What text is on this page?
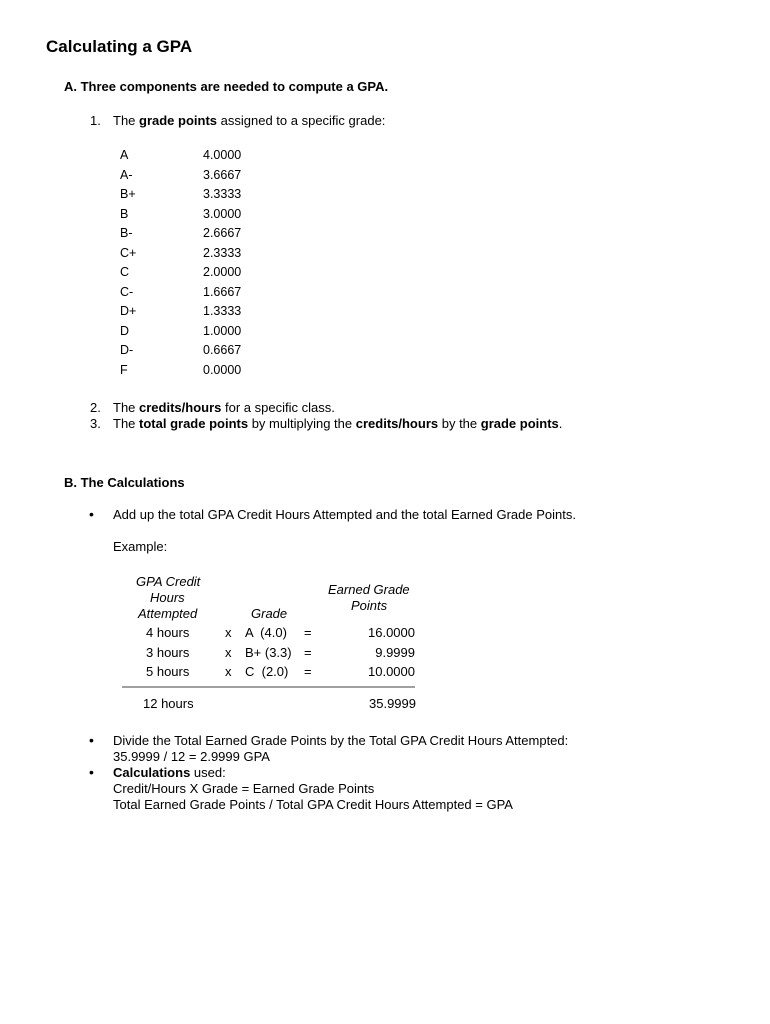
Calculating a GPA
A. Three components are needed to compute a GPA.
1. The grade points assigned to a specific grade:
A	4.0000
A-	3.6667
B+	3.3333
B	3.0000
B-	2.6667
C+	2.3333
C	2.0000
C-	1.6667
D+	1.3333
D	1.0000
D-	0.6667
F	0.0000
2. The credits/hours for a specific class.
3. The total grade points by multiplying the credits/hours by the grade points.
B. The Calculations
• Add up the total GPA Credit Hours Attempted and the total Earned Grade Points.
Example:
GPA Credit
Hours
Attempted	Grade
Earned Grade
Points
4 hours	x A  (4.0) =	16.0000
3 hours	x B+ (3.3) =	9.9999
5 hours	x C  (2.0) =	10.0000
12 hours	35.9999
• Divide the Total Earned Grade Points by the Total GPA Credit Hours Attempted:
35.9999 / 12 = 2.9999 GPA
• Calculations used:
Credit/Hours X Grade = Earned Grade Points
Total Earned Grade Points / Total GPA Credit Hours Attempted = GPA
